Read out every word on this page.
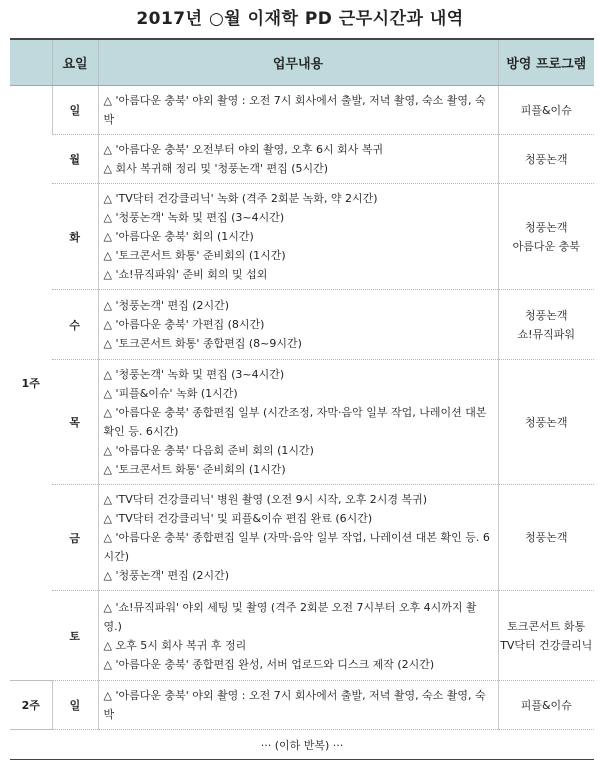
2017년 ○월 이재학 PD 근무시간과 내역
	요일	업무내용	방영 프로그램
1주	일	△ '아름다운 충북' 야외 촬영 : 오전 7시 회사에서 출발, 저녁 촬영, 숙소 촬영, 숙박	피플&이슈

	월	△ '아름다운 충북' 오전부터 야외 촬영, 오후 6시 회사 복귀
△ 회사 복귀해 정리 및 '청풍논객' 편집 (5시간)	청풍논객

	화	△ 'TV닥터 건강클리닉' 녹화 (격주 2회분 녹화, 약 2시간)
△ '청풍논객' 녹화 및 편집 (3~4시간)
△ '아름다운 충북' 회의 (1시간)
△ '토크콘서트 화통' 준비회의 (1시간)
△ '쇼!뮤직파워' 준비 회의 및 섭외	청풍논객
아름다운 충북

	수	△ '청풍논객' 편집 (2시간)
△ '아름다운 충북' 가편집 (8시간)
△ '토크콘서트 화통' 종합편집 (8~9시간)	청풍논객
쇼!뮤직파워

	목	△ '청풍논객' 녹화 및 편집 (3~4시간)
△ '피플&이슈' 녹화 (1시간)
△ '아름다운 충북' 종합편집 일부 (시간조정, 자막·음악 일부 작업, 나레이션 대본 확인 등. 6시간)
△ '아름다운 충북' 다음회 준비 회의 (1시간)
△ '토크콘서트 화통' 준비회의 (1시간)	청풍논객

	금	△ 'TV닥터 건강클리닉' 병원 촬영 (오전 9시 시작, 오후 2시경 복귀)
△ 'TV닥터 건강클리닉' 및 피플&이슈 편집 완료 (6시간)
△ '아름다운 충북' 종합편집 일부 (자막·음악 일부 작업, 나레이션 대본 확인 등. 6시간)
△ '청풍논객' 편집 (2시간)	청풍논객

	토	△ '쇼!뮤직파워' 야외 세팅 및 촬영 (격주 2회분 오전 7시부터 오후 4시까지 촬영.)
△ 오후 5시 회사 복귀 후 정리
△ '아름다운 충북' 종합편집 완성, 서버 업로드와 디스크 제작 (2시간)	토크콘서트 화통
TV닥터 건강클리닉

2주	일	△ '아름다운 충북' 야외 촬영 : 오전 7시 회사에서 출발, 저녁 촬영, 숙소 촬영, 숙박	피플&이슈

··· (이하 반복) ···			
